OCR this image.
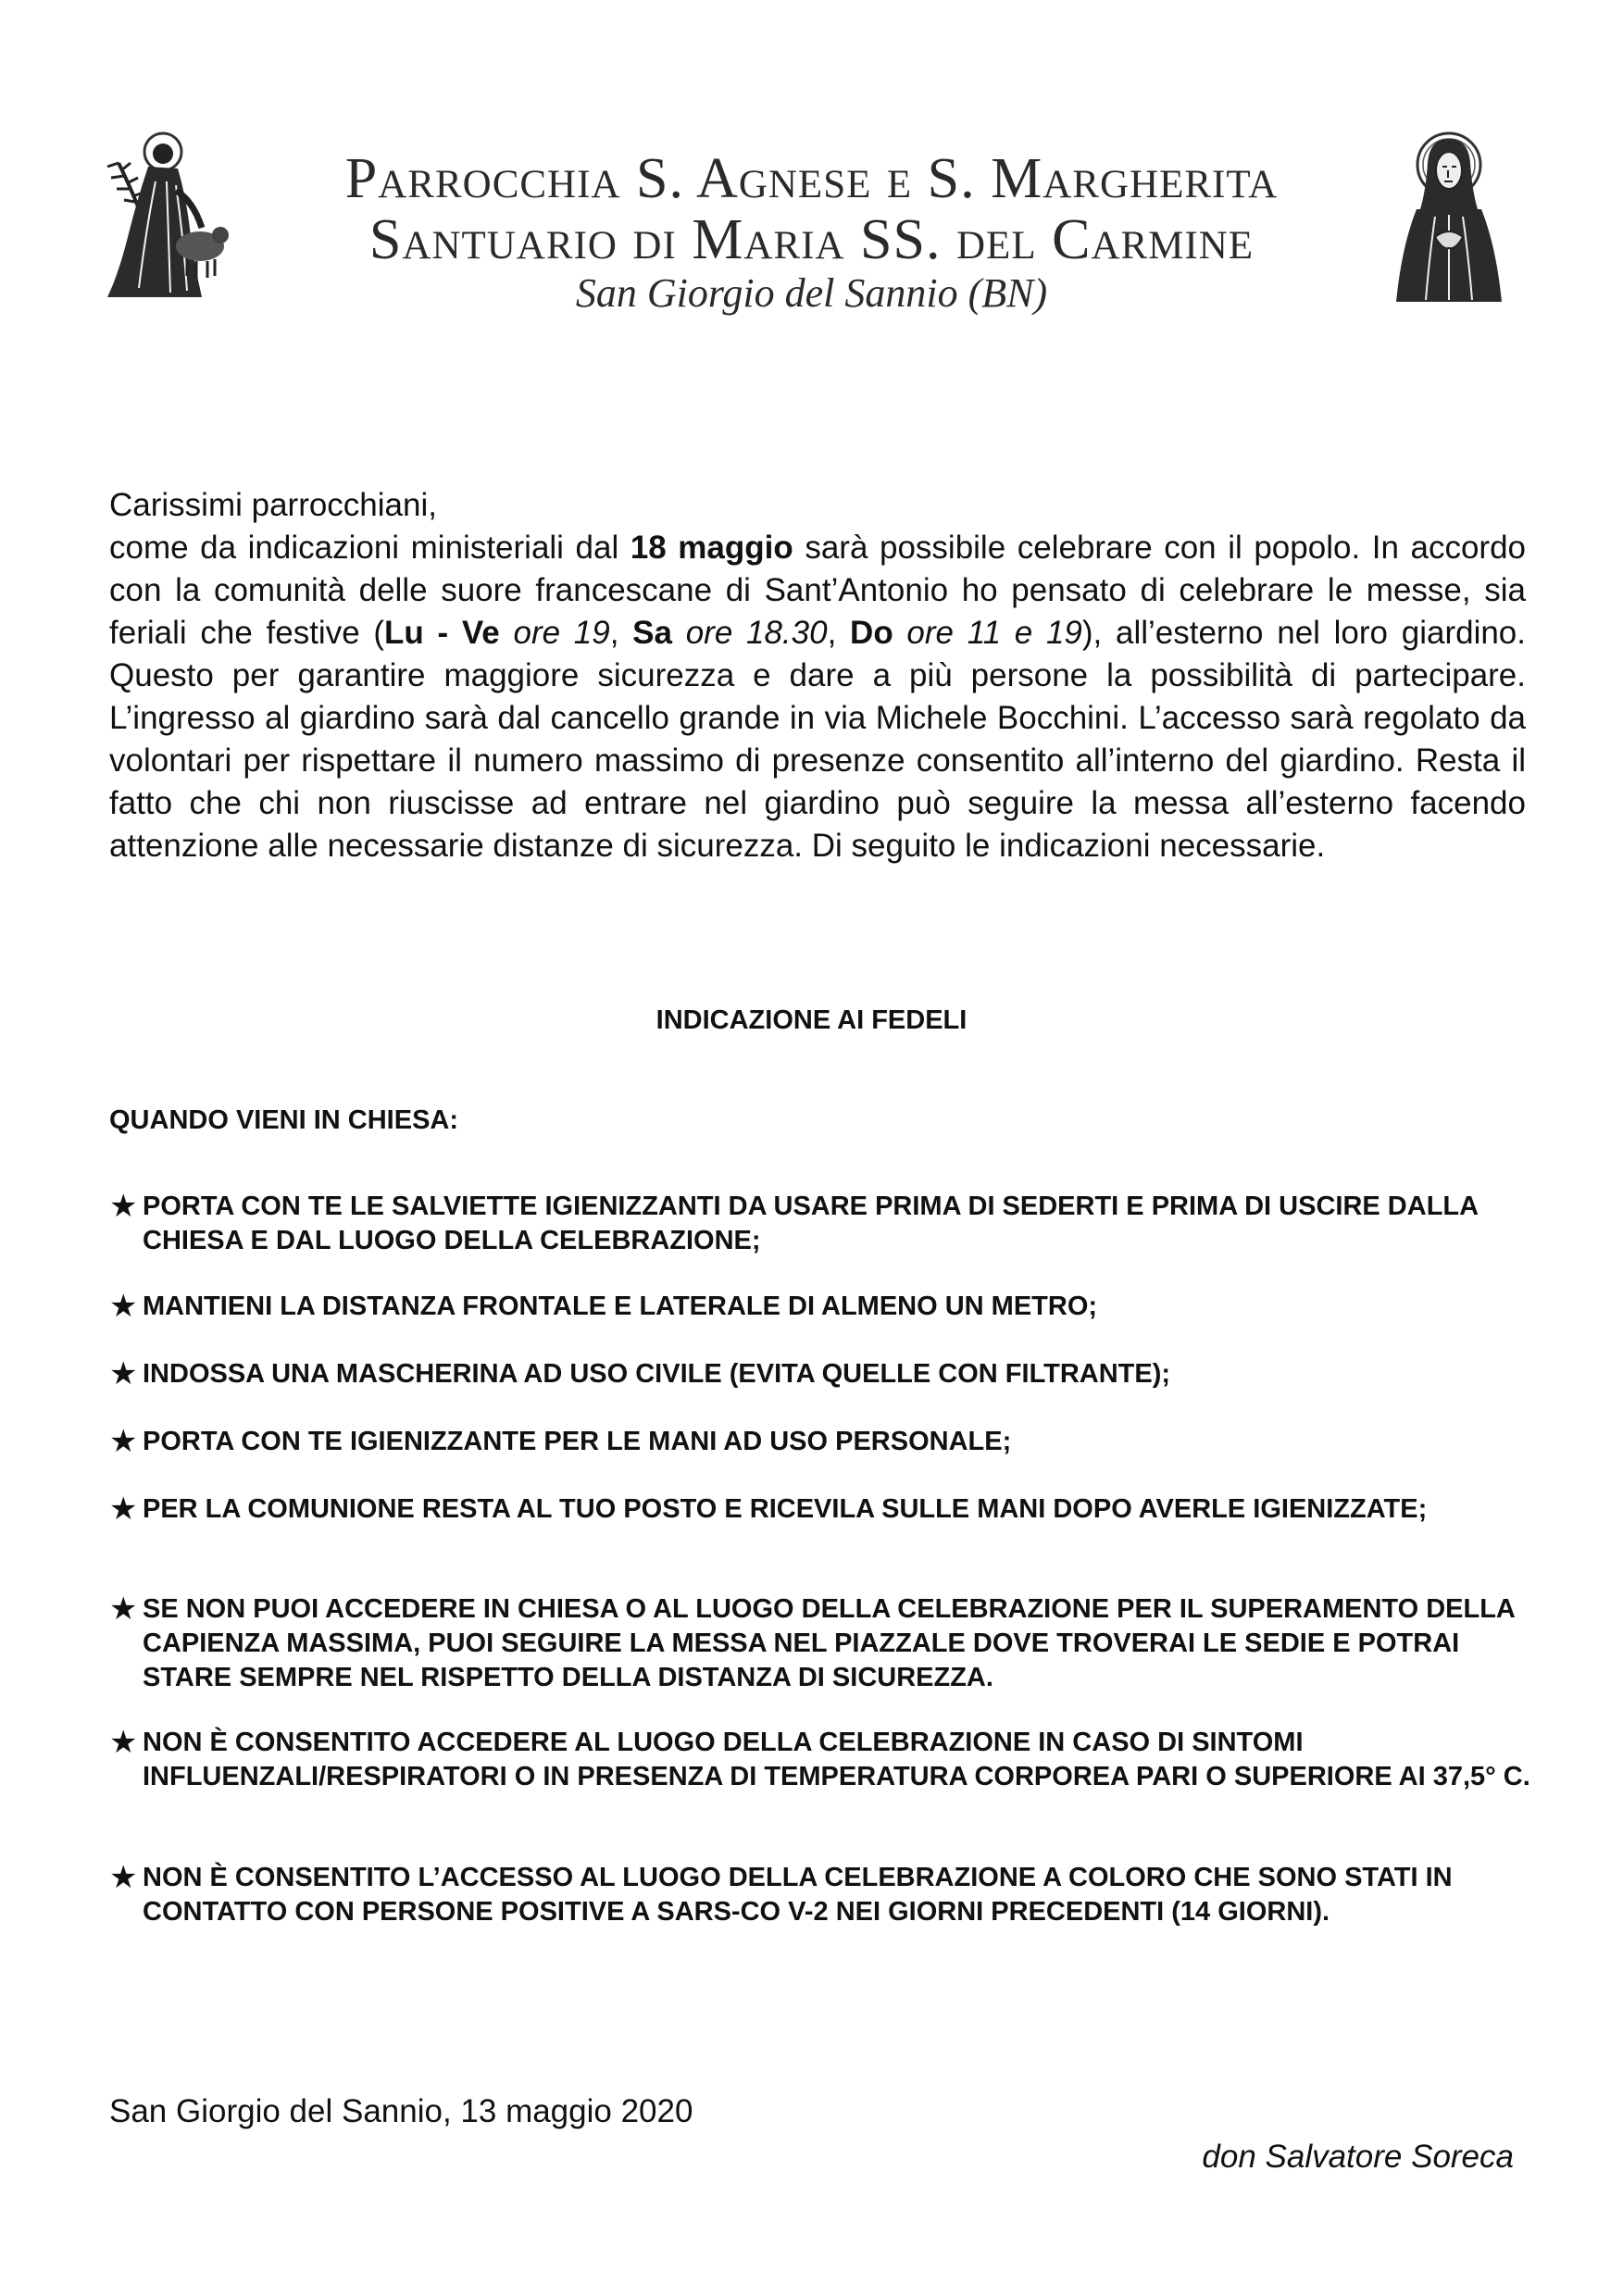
Parrocchia S. Agnese e S. Margherita
Santuario di Maria SS. del Carmine
San Giorgio del Sannio (BN)
Carissimi parrocchiani,
come da indicazioni ministeriali dal 18 maggio sarà possibile celebrare con il popolo. In accordo con la comunità delle suore francescane di Sant’Antonio ho pensato di celebrare le messe, sia feriali che festive (Lu - Ve ore 19, Sa ore 18.30, Do ore 11 e 19), all’esterno nel loro giardino. Questo per garantire maggiore sicurezza e dare a più persone la possibilità di partecipare. L’ingresso al giardino sarà dal cancello grande in via Michele Bocchini. L’accesso sarà regolato da volontari per rispettare il numero massimo di presenze consentito all’interno del giardino. Resta il fatto che chi non riuscisse ad entrare nel giardino può seguire la messa all’esterno facendo attenzione alle necessarie distanze di sicurezza. Di seguito le indicazioni necessarie.
INDICAZIONE AI FEDELI
QUANDO VIENI IN CHIESA:
★ PORTA CON TE LE SALVIETTE IGIENIZZANTI DA USARE PRIMA DI SEDERTI E PRIMA DI USCIRE DALLA CHIESA E DAL LUOGO DELLA CELEBRAZIONE;
★ MANTIENI LA DISTANZA FRONTALE E LATERALE DI ALMENO UN METRO;
★ INDOSSA UNA MASCHERINA AD USO CIVILE (EVITA QUELLE CON FILTRANTE);
★ PORTA CON TE IGIENIZZANTE PER LE MANI AD USO PERSONALE;
★ PER LA COMUNIONE RESTA AL TUO POSTO E RICEVILA SULLE MANI DOPO AVERLE IGIENIZZATE;
★ SE NON PUOI ACCEDERE IN CHIESA O AL LUOGO DELLA CELEBRAZIONE PER IL SUPERAMENTO DELLA CAPIENZA MASSIMA, PUOI SEGUIRE LA MESSA NEL PIAZZALE DOVE TROVERAI LE SEDIE E POTRAI STARE SEMPRE NEL RISPETTO DELLA DISTANZA DI SICUREZZA.
★ NON È CONSENTITO ACCEDERE AL LUOGO DELLA CELEBRAZIONE IN CASO DI SINTOMI INFLUENZALI/RESPIRATORI O IN PRESENZA DI TEMPERATURA CORPOREA PARI O SUPERIORE AI 37,5° C.
★ NON È CONSENTITO L’ACCESSO AL LUOGO DELLA CELEBRAZIONE A COLORO CHE SONO STATI IN CONTATTO CON PERSONE POSITIVE A SARS-CO V-2 NEI GIORNI PRECEDENTI (14 GIORNI).
San Giorgio del Sannio, 13 maggio 2020
don Salvatore Soreca
